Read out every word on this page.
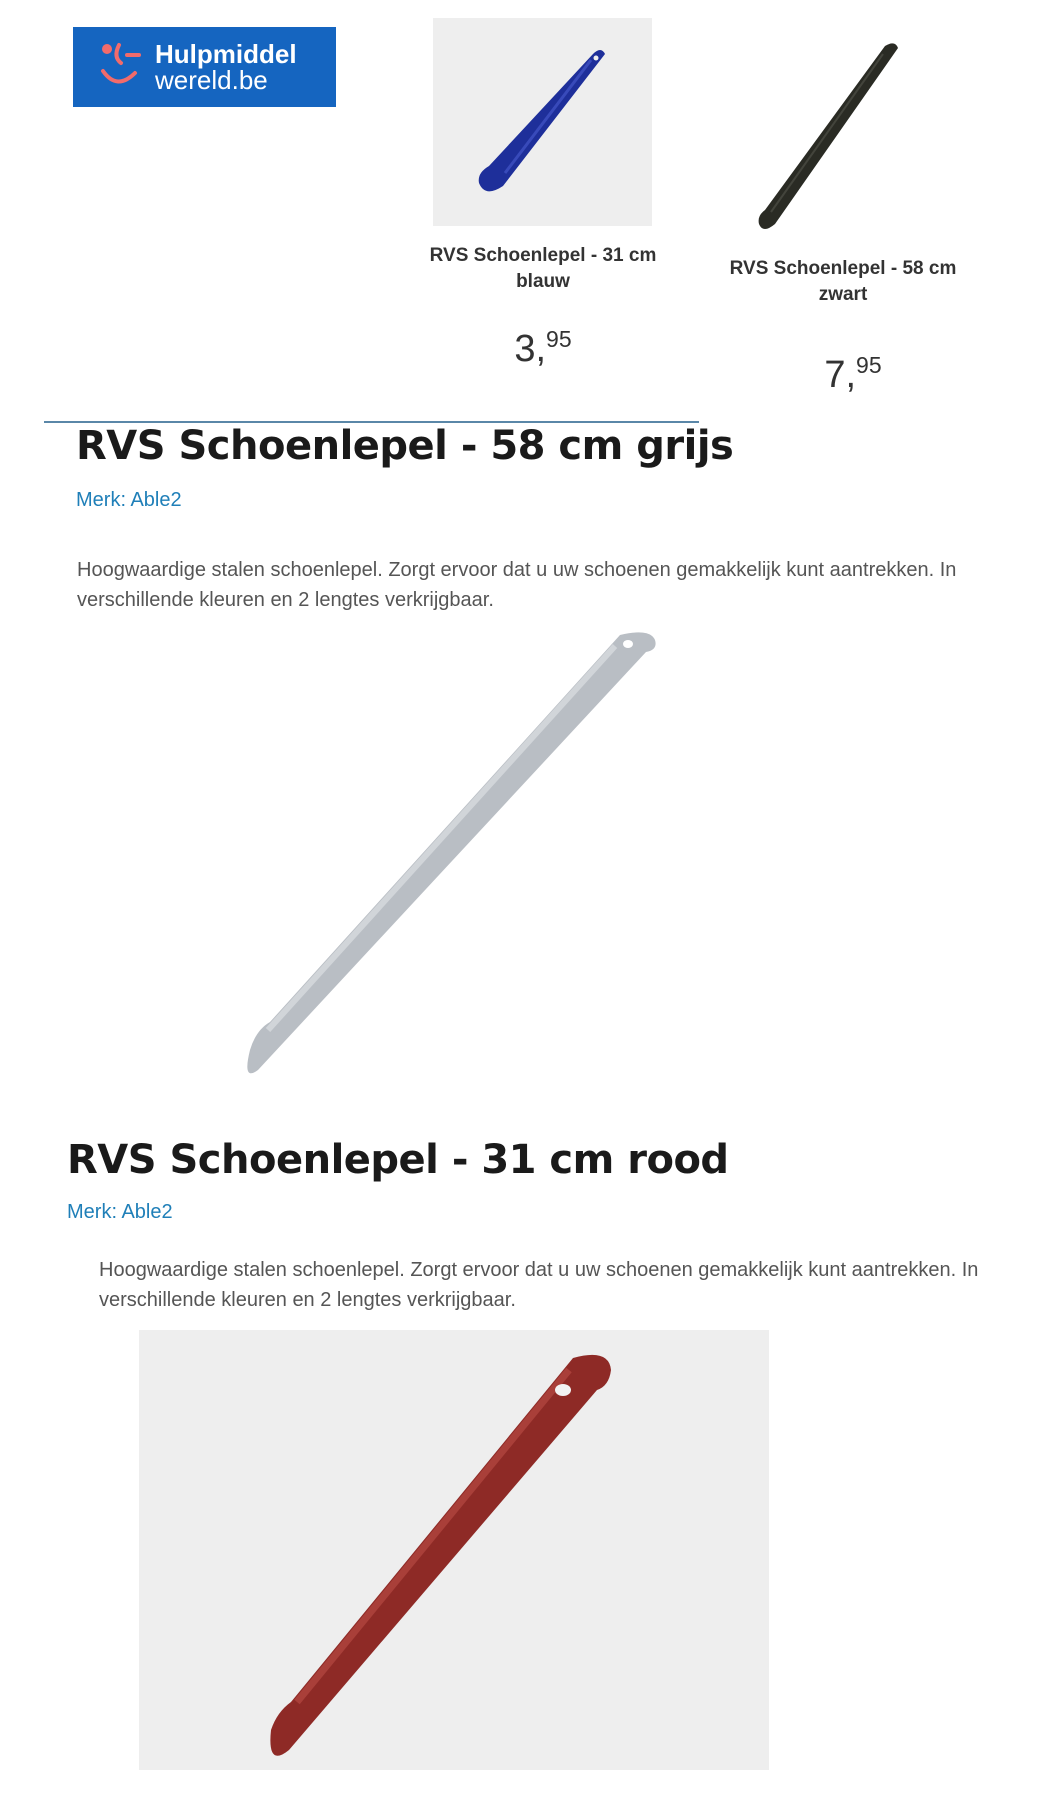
Hulpmiddel
wereld.be
RVS Schoenlepel - 31 cm
blauw
3,95
RVS Schoenlepel - 58 cm
zwart
7,95
RVS Schoenlepel - 58 cm grijs
Merk: Able2
Hoogwaardige stalen schoenlepel. Zorgt ervoor dat u uw schoenen gemakkelijk kunt aantrekken. In verschillende kleuren en 2 lengtes verkrijgbaar.
RVS Schoenlepel - 31 cm rood
Merk: Able2
Hoogwaardige stalen schoenlepel. Zorgt ervoor dat u uw schoenen gemakkelijk kunt aantrekken. In verschillende kleuren en 2 lengtes verkrijgbaar.
